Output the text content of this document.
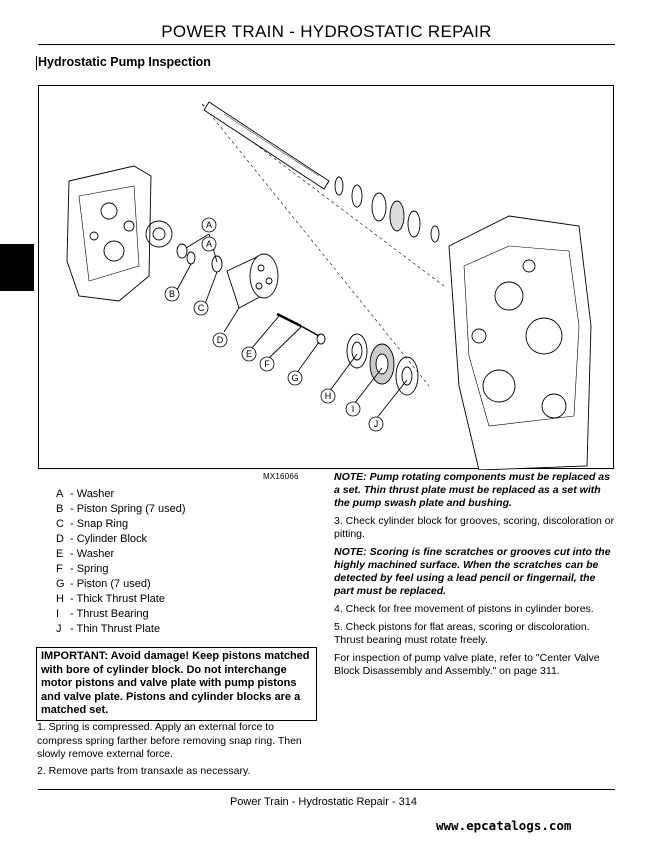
POWER TRAIN - HYDROSTATIC REPAIR
Hydrostatic Pump Inspection
A
A
B
C
D
E
F
G
H
I
J
MX16066
A - Washer
B - Piston Spring (7 used)
C - Snap Ring
D - Cylinder Block
E - Washer
F - Spring
G - Piston (7 used)
H - Thick Thrust Plate
I - Thrust Bearing
J - Thin Thrust Plate
IMPORTANT: Avoid damage! Keep pistons matched with bore of cylinder block. Do not interchange motor pistons and valve plate with pump pistons and valve plate. Pistons and cylinder blocks are a matched set.

1. Spring is compressed. Apply an external force to compress spring farther before removing snap ring. Then slowly remove external force.

2. Remove parts from transaxle as necessary.

NOTE: Pump rotating components must be replaced as a set. Thin thrust plate must be replaced as a set with the pump swash plate and bushing.

3. Check cylinder block for grooves, scoring, discoloration or pitting.

NOTE: Scoring is fine scratches or grooves cut into the highly machined surface. When the scratches can be detected by feel using a lead pencil or fingernail, the part must be replaced.

4. Check for free movement of pistons in cylinder bores.

5. Check pistons for flat areas, scoring or discoloration. Thrust bearing must rotate freely.

For inspection of pump valve plate, refer to "Center Valve Block Disassembly and Assembly." on page 311.

Power Train - Hydrostatic Repair - 314
www.epcatalogs.com
